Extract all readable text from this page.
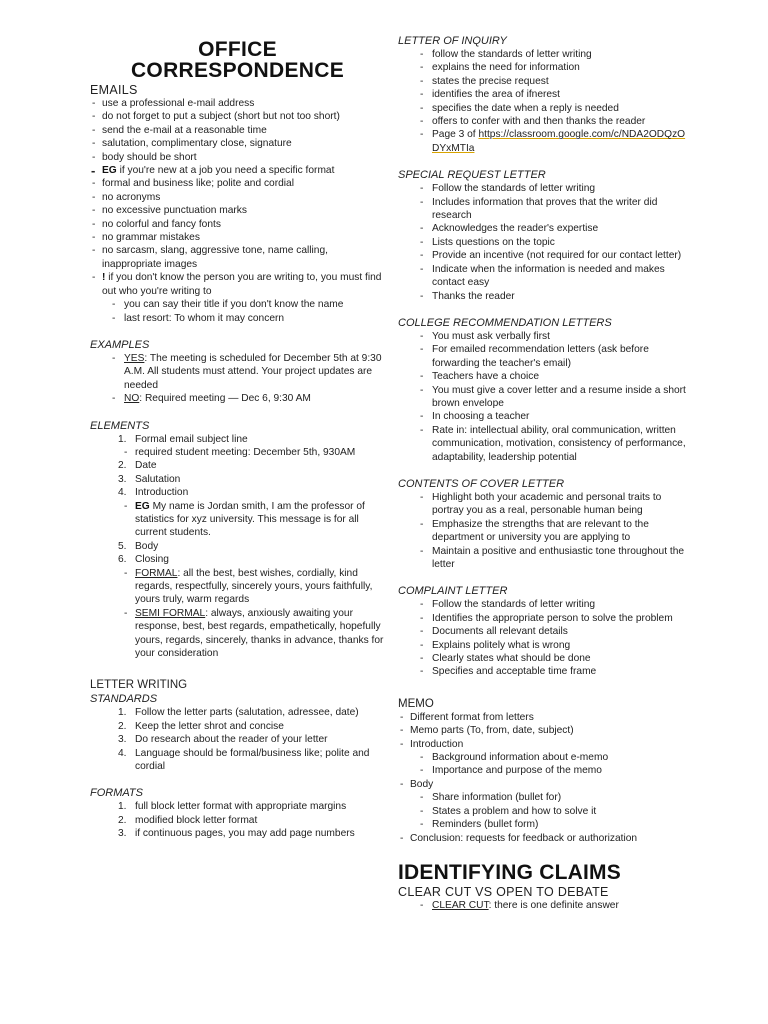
OFFICE
CORRESPONDENCE
EMAILS
- use a professional e-mail address
- do not forget to put a subject (short but not too short)
- send the e-mail at a reasonable time
- salutation, complimentary close, signature
- body should be short
- EG if you're new at a job you need a specific format
- formal and business like; polite and cordial
- no acronyms
- no excessive punctuation marks
- no colorful and fancy fonts
- no grammar mistakes
- no sarcasm, slang, aggressive tone, name calling, inappropriate images
- ! if you don't know the person you are writing to, you must find out who you're writing to
- you can say their title if you don't know the name
- last resort: To whom it may concern
EXAMPLES
- YES: The meeting is scheduled for December 5th at 9:30 A.M. All students must attend. Your project updates are needed
- NO: Required meeting — Dec 6, 9:30 AM
ELEMENTS
1. Formal email subject line
- required student meeting: December 5th, 930AM
2. Date
3. Salutation
4. Introduction
- EG My name is Jordan smith, I am the professor of statistics for xyz university. This message is for all current students.
5. Body
6. Closing
- FORMAL: all the best, best wishes, cordially, kind regards, respectfully, sincerely yours, yours faithfully, yours truly, warm regards
- SEMI FORMAL: always, anxiously awaiting your response, best, best regards, empathetically, hopefully yours, regards, sincerely, thanks in advance, thanks for your consideration
LETTER WRITING
STANDARDS
1. Follow the letter parts (salutation, adressee, date)
2. Keep the letter shrot and concise
3. Do research about the reader of your letter
4. Language should be formal/business like; polite and cordial
FORMATS
1. full block letter format with appropriate margins
2. modified block letter format
3. if continuous pages, you may add page numbers
LETTER OF INQUIRY
- follow the standards of letter writing
- explains the need for information
- states the precise request
- identifies the area of ifnerest
- specifies the date when a reply is needed
- offers to confer with and then thanks the reader
- Page 3 of https://classroom.google.com/c/NDA2ODQzODYxMTIa
SPECIAL REQUEST LETTER
- Follow the standards of letter writing
- Includes information that proves that the writer did research
- Acknowledges the reader's expertise
- Lists questions on the topic
- Provide an incentive (not required for our contact letter)
- Indicate when the information is needed and makes contact easy
- Thanks the reader
COLLEGE RECOMMENDATION LETTERS
- You must ask verbally first
- For emailed recommendation letters (ask before forwarding the teacher's email)
- Teachers have a choice
- You must give a cover letter and a resume inside a short brown envelope
- In choosing a teacher
- Rate in: intellectual ability, oral communication, written communication, motivation, consistency of performance, adaptability, leadership potential
CONTENTS OF COVER LETTER
- Highlight both your academic and personal traits to portray you as a real, personable human being
- Emphasize the strengths that are relevant to the department or university you are applying to
- Maintain a positive and enthusiastic tone throughout the letter
COMPLAINT LETTER
- Follow the standards of letter writing
- Identifies the appropriate person to solve the problem
- Documents all relevant details
- Explains politely what is wrong
- Clearly states what should be done
- Specifies and acceptable time frame
MEMO
- Different format from letters
- Memo parts (To, from, date, subject)
- Introduction
- Background information about e-memo
- Importance and purpose of the memo
- Body
- Share information (bullet for)
- States a problem and how to solve it
- Reminders (bullet form)
- Conclusion: requests for feedback or authorization
IDENTIFYING CLAIMS
CLEAR CUT VS OPEN TO DEBATE
- CLEAR CUT: there is one definite answer
